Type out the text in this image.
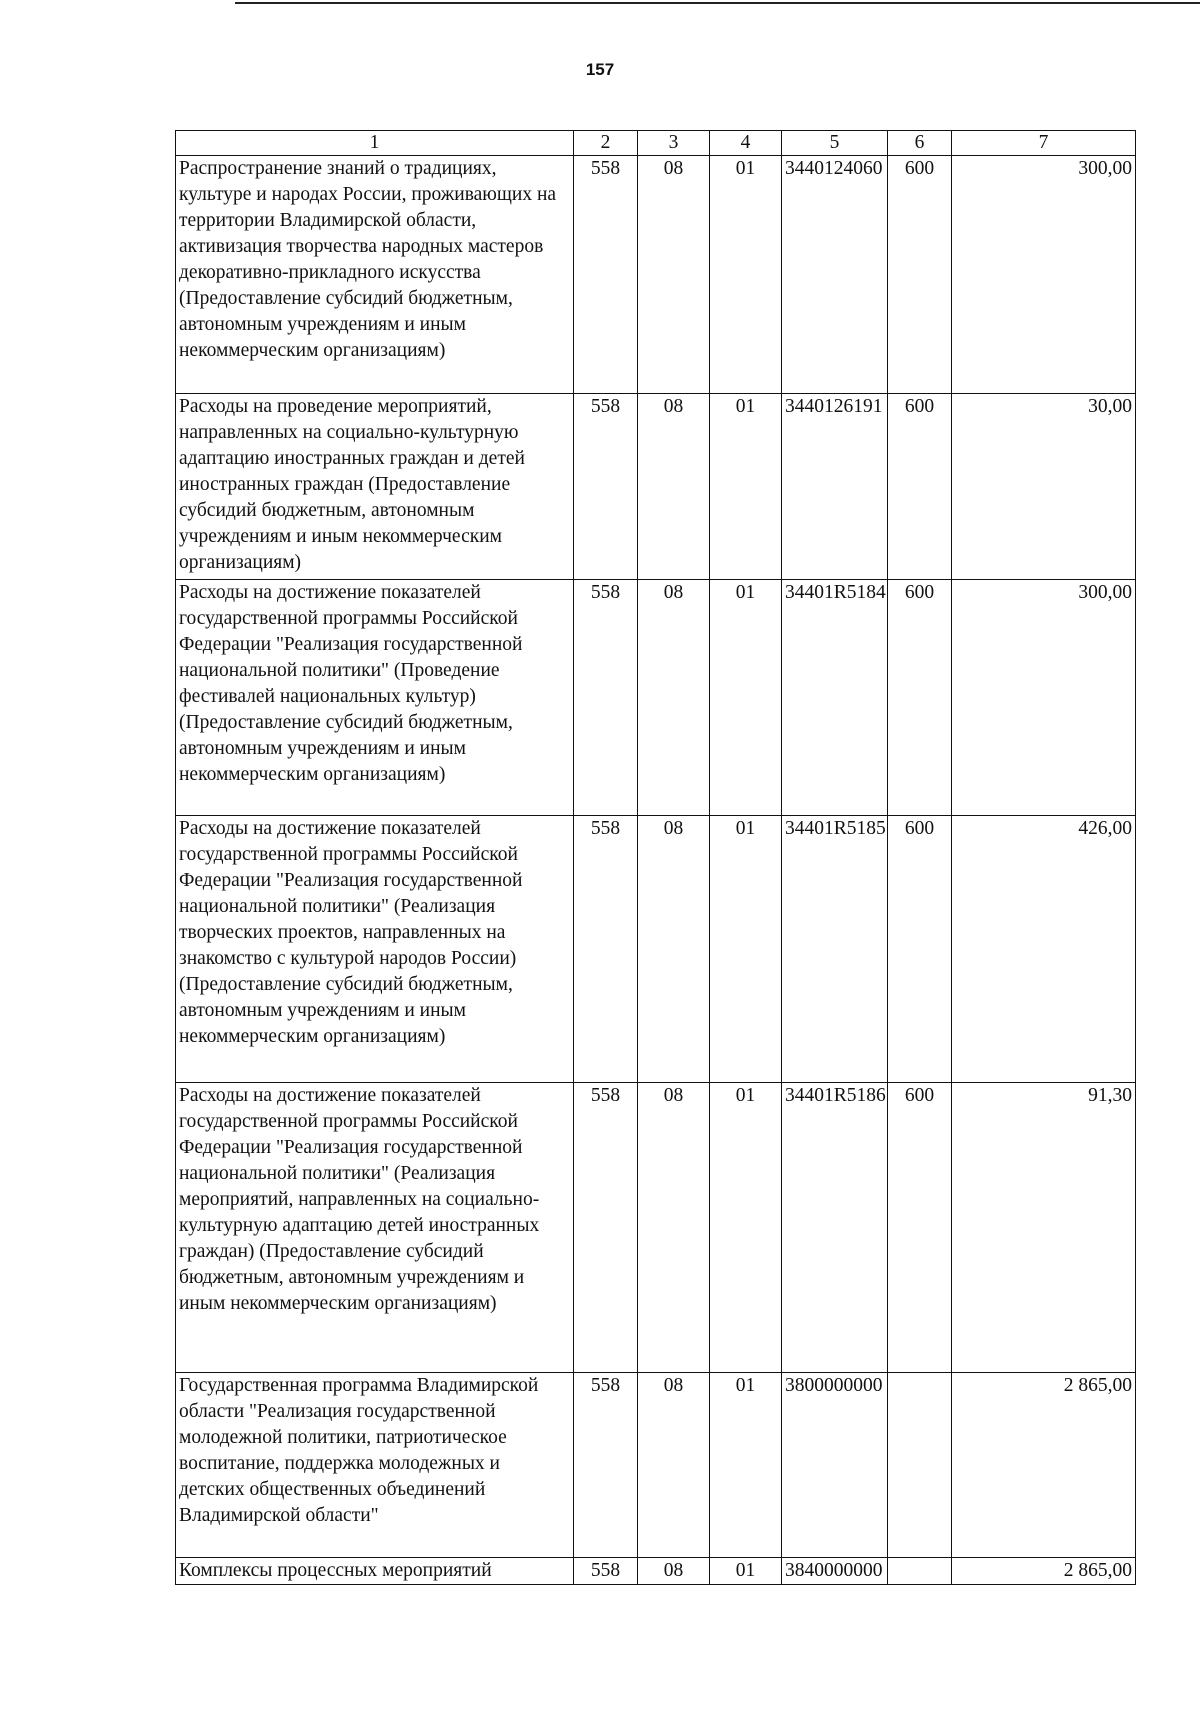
157
1	2	3	4	5	6	7
Распространение знаний о традициях, культуре и народах России, проживающих на территории Владимирской области, активизация творчества народных мастеров декоративно-прикладного искусства (Предоставление субсидий бюджетным, автономным учреждениям и иным некоммерческим организациям)	558	08	01	3440124060	600	300,00
Расходы на проведение мероприятий, направленных на социально-культурную адаптацию иностранных граждан и детей иностранных граждан (Предоставление субсидий бюджетным, автономным учреждениям и иным некоммерческим организациям)	558	08	01	3440126191	600	30,00
Расходы на достижение показателей государственной программы Российской Федерации "Реализация государственной национальной политики" (Проведение фестивалей национальных культур) (Предоставление субсидий бюджетным, автономным учреждениям и иным некоммерческим организациям)	558	08	01	34401R5184	600	300,00
Расходы на достижение показателей государственной программы Российской Федерации "Реализация государственной национальной политики" (Реализация творческих проектов, направленных на знакомство с культурой народов России) (Предоставление субсидий бюджетным, автономным учреждениям и иным некоммерческим организациям)	558	08	01	34401R5185	600	426,00
Расходы на достижение показателей государственной программы Российской Федерации "Реализация государственной национальной политики" (Реализация мероприятий, направленных на социально-культурную адаптацию детей иностранных граждан) (Предоставление субсидий бюджетным, автономным учреждениям и иным некоммерческим организациям)	558	08	01	34401R5186	600	91,30
Государственная программа Владимирской области "Реализация государственной молодежной политики, патриотическое воспитание, поддержка молодежных и детских общественных объединений Владимирской области"	558	08	01	3800000000		2 865,00
Комплексы процессных мероприятий	558	08	01	3840000000		2 865,00
